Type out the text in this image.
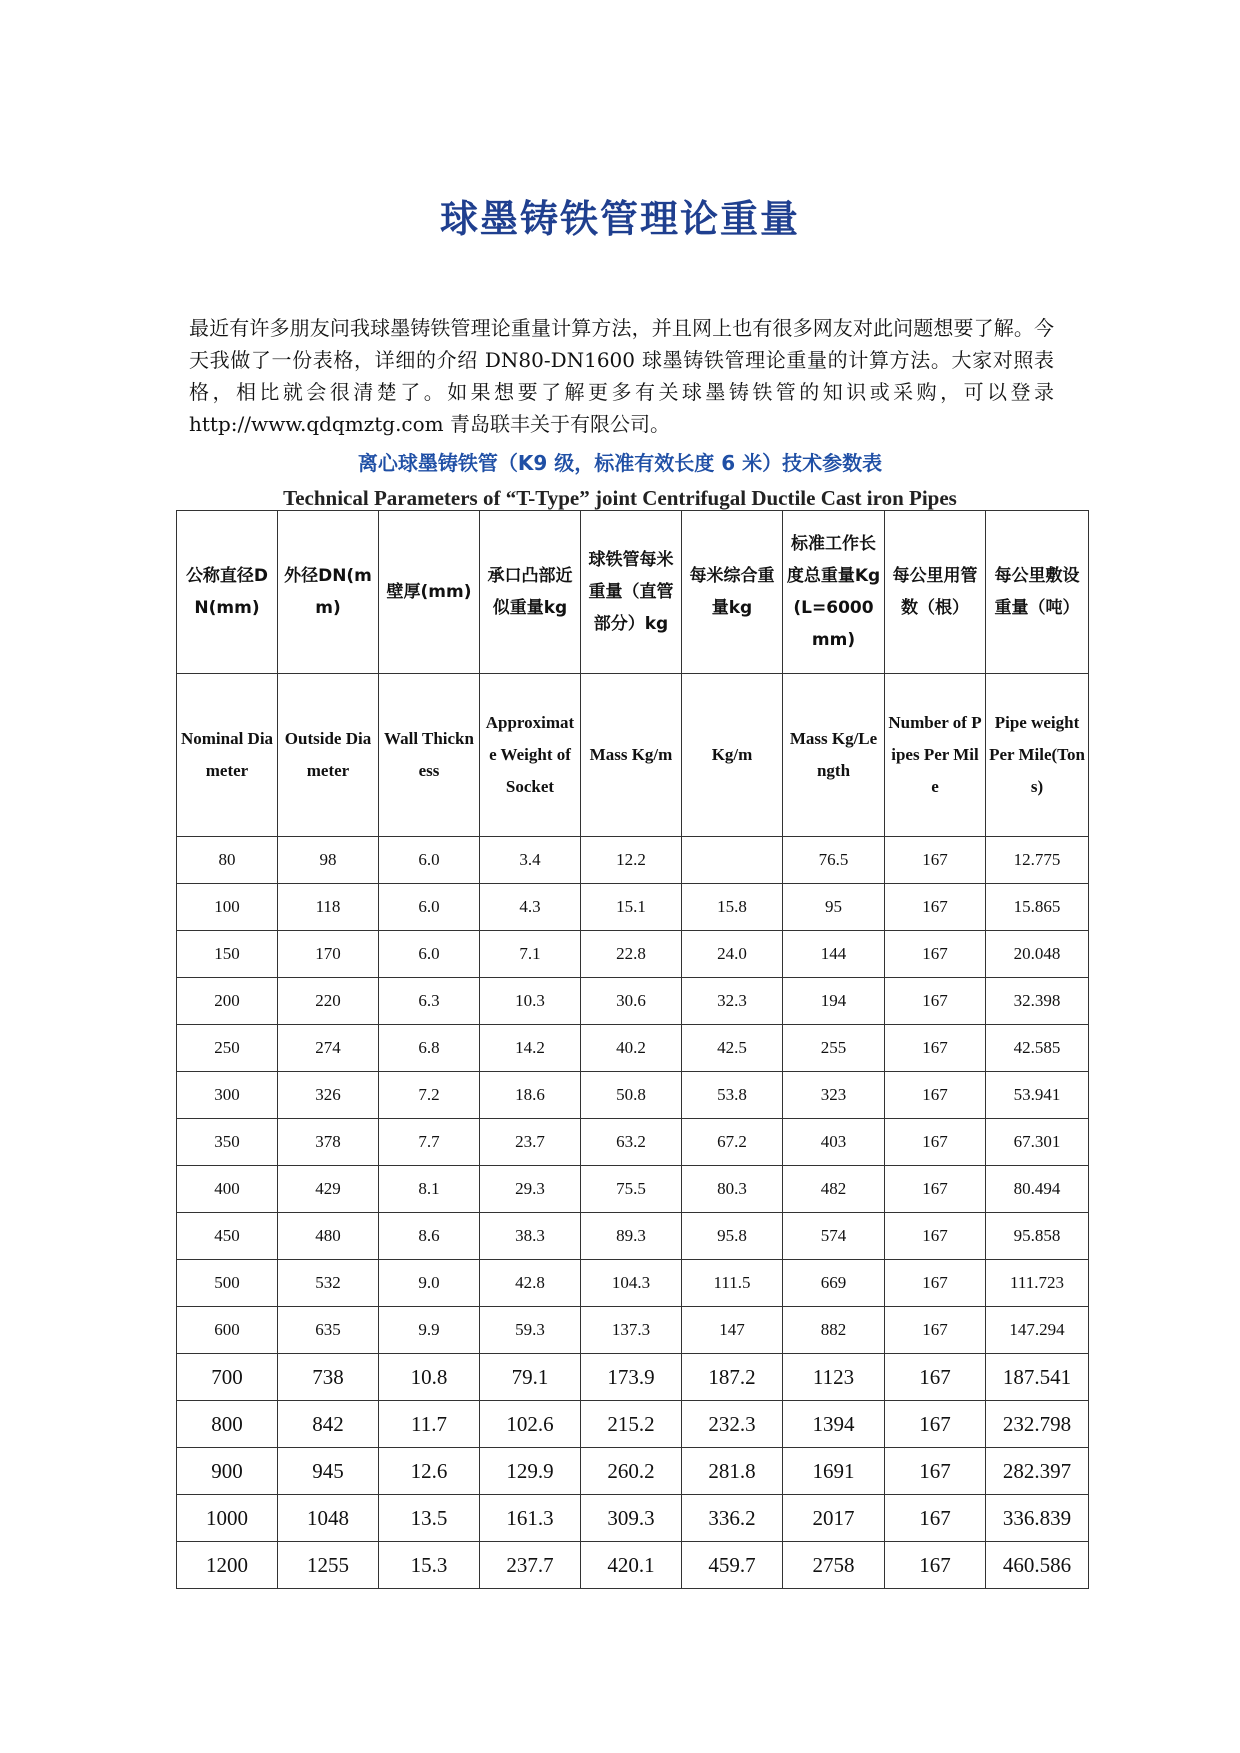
球墨铸铁管理论重量

最近有许多朋友问我球墨铸铁管理论重量计算方法，并且网上也有很多网友对此问题想要了解。今天我做了一份表格，详细的介绍 DN80-DN1600 球墨铸铁管理论重量的计算方法。大家对照表格，相比就会很清楚了。如果想要了解更多有关球墨铸铁管的知识或采购，可以登录 http://www.qdqmztg.com 青岛联丰关于有限公司。

离心球墨铸铁管（K9 级，标准有效长度 6 米）技术参数表
Technical Parameters of “T-Type” joint Centrifugal Ductile Cast iron Pipes
公称直径DN(mm)	外径DN(mm)	壁厚(mm)	承口凸部近似重量kg	球铁管每米重量（直管部分）kg	每米综合重量kg	标准工作长度总重量Kg(L=6000mm)	每公里用管数（根）	每公里敷设重量（吨）
Nominal Diameter	Outside Diameter	Wall Thickness	Approximate Weight of Socket	Mass Kg/m	Kg/m	Mass Kg/Length	Number of Pipes Per Mile	Pipe weight Per Mile(Tons)
80	98	6.0	3.4	12.2		76.5	167	12.775
100	118	6.0	4.3	15.1	15.8	95	167	15.865
150	170	6.0	7.1	22.8	24.0	144	167	20.048
200	220	6.3	10.3	30.6	32.3	194	167	32.398
250	274	6.8	14.2	40.2	42.5	255	167	42.585
300	326	7.2	18.6	50.8	53.8	323	167	53.941
350	378	7.7	23.7	63.2	67.2	403	167	67.301
400	429	8.1	29.3	75.5	80.3	482	167	80.494
450	480	8.6	38.3	89.3	95.8	574	167	95.858
500	532	9.0	42.8	104.3	111.5	669	167	111.723
600	635	9.9	59.3	137.3	147	882	167	147.294
700	738	10.8	79.1	173.9	187.2	1123	167	187.541
800	842	11.7	102.6	215.2	232.3	1394	167	232.798
900	945	12.6	129.9	260.2	281.8	1691	167	282.397
1000	1048	13.5	161.3	309.3	336.2	2017	167	336.839
1200	1255	15.3	237.7	420.1	459.7	2758	167	460.586
